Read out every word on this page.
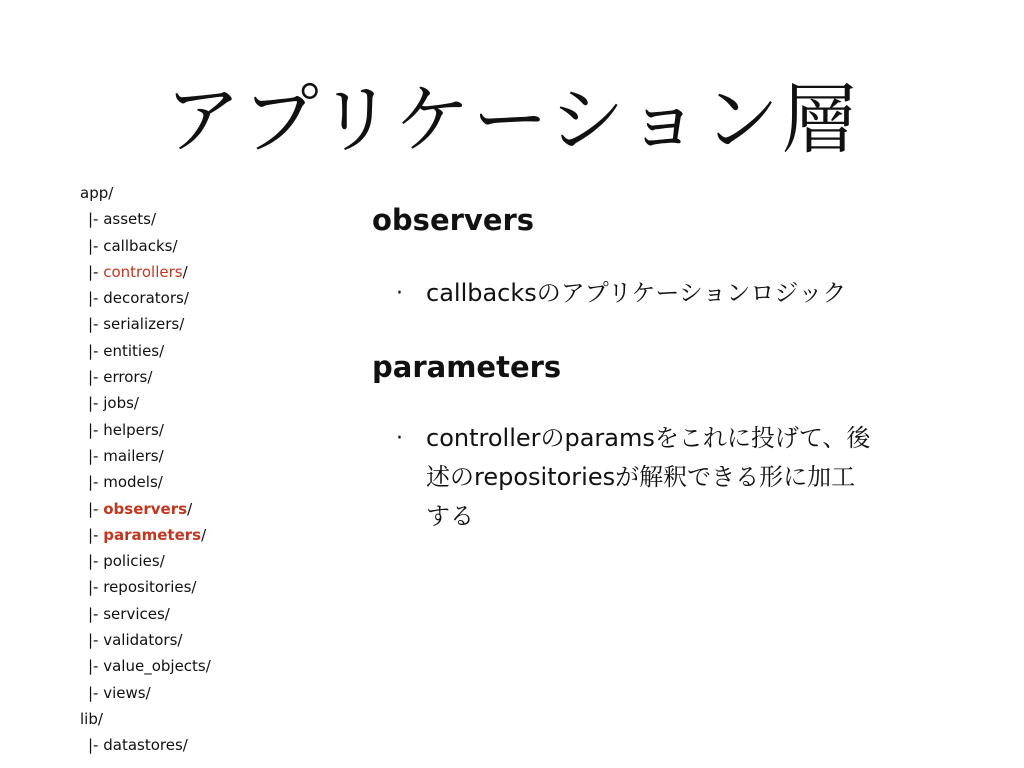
アプリケーション層
app/
|- assets/
|- callbacks/
|- controllers/
|- decorators/
|- serializers/
|- entities/
|- errors/
|- jobs/
|- helpers/
|- mailers/
|- models/
|- observers/
|- parameters/
|- policies/
|- repositories/
|- services/
|- validators/
|- value_objects/
|- views/
lib/
|- datastores/
observers

· callbacksのアプリケーションロジック

parameters

· controllerのparamsをこれに投げて、後
述のrepositoriesが解釈できる形に加工
する
